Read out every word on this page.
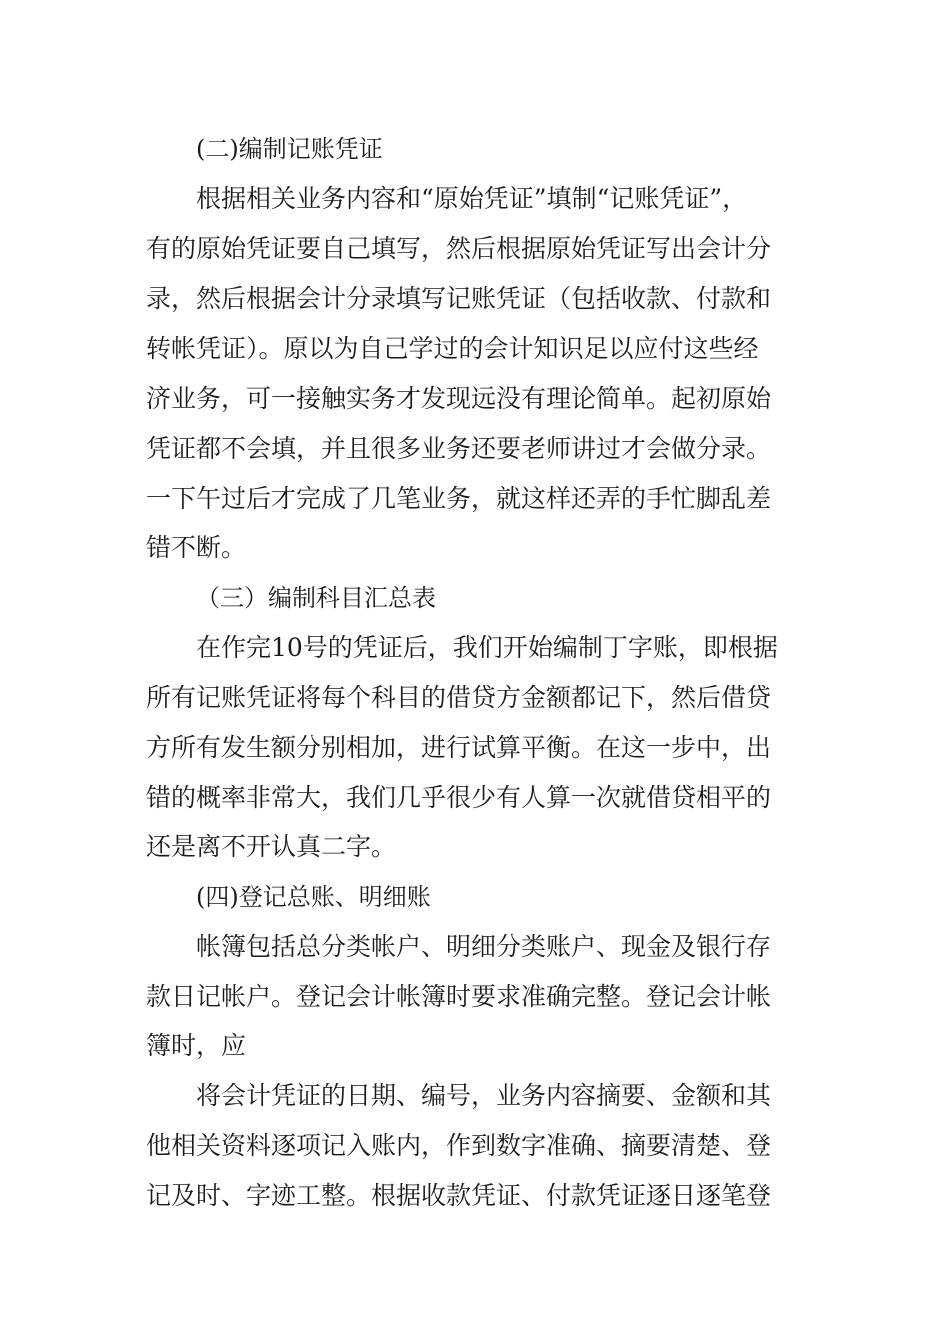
(二)编制记账凭证
根据相关业务内容和“原始凭证”填制“记账凭证”，
有的原始凭证要自己填写，然后根据原始凭证写出会计分
录，然后根据会计分录填写记账凭证（包括收款、付款和
转帐凭证）。原以为自己学过的会计知识足以应付这些经
济业务，可一接触实务才发现远没有理论简单。起初原始
凭证都不会填，并且很多业务还要老师讲过才会做分录。
一下午过后才完成了几笔业务，就这样还弄的手忙脚乱差
错不断。
（三）编制科目汇总表
在作完10号的凭证后，我们开始编制丁字账，即根据
所有记账凭证将每个科目的借贷方金额都记下，然后借贷
方所有发生额分别相加，进行试算平衡。在这一步中，出
错的概率非常大，我们几乎很少有人算一次就借贷相平的
还是离不开认真二字。
(四)登记总账、明细账
帐簿包括总分类帐户、明细分类账户、现金及银行存
款日记帐户。登记会计帐簿时要求准确完整。登记会计帐
簿时，应
将会计凭证的日期、编号，业务内容摘要、金额和其
他相关资料逐项记入账内，作到数字准确、摘要清楚、登
记及时、字迹工整。根据收款凭证、付款凭证逐日逐笔登
